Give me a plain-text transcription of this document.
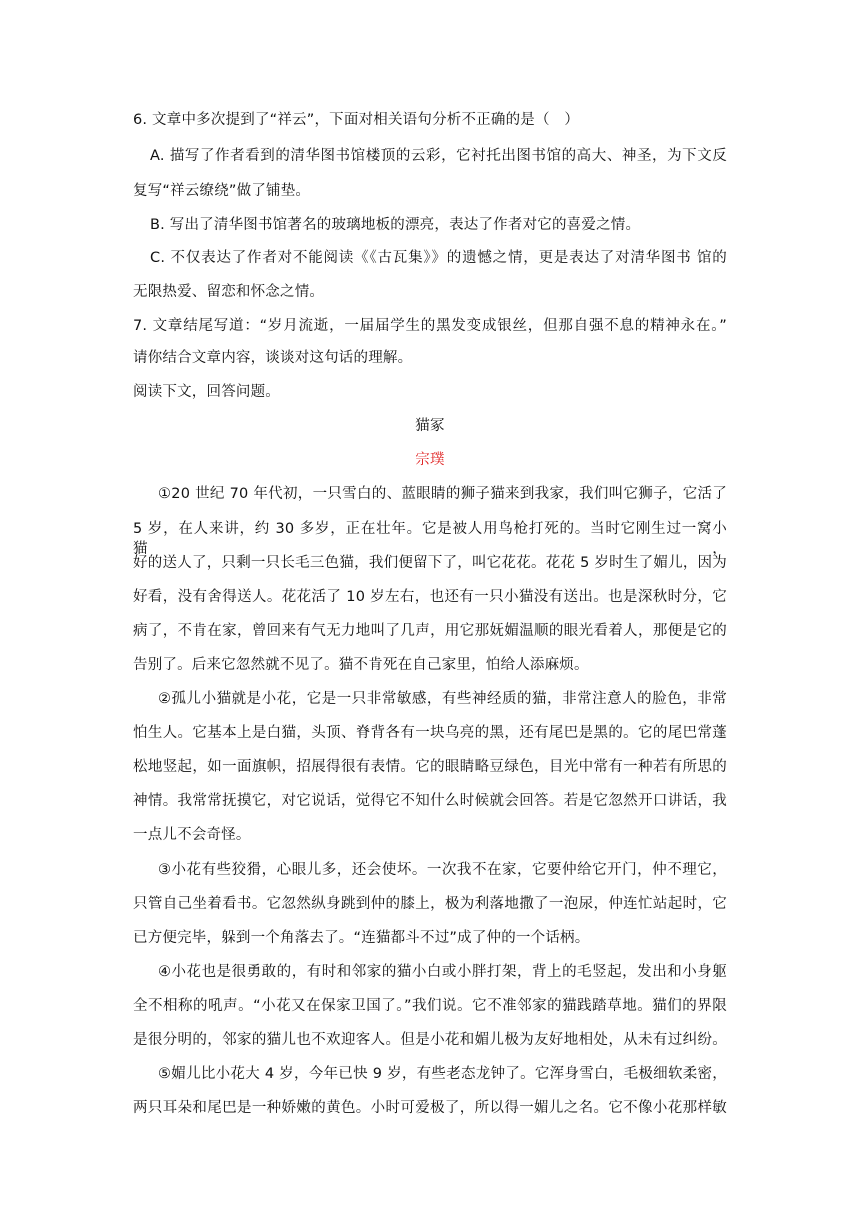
6. 文章中多次提到了“祥云”，下面对相关语句分析不正确的是（　）
A. 描写了作者看到的清华图书馆楼顶的云彩，它衬托出图书馆的高大、神圣，为下文反
复写“祥云缭绕”做了铺垫。
B. 写出了清华图书馆著名的玻璃地板的漂亮，表达了作者对它的喜爱之情。
C. 不仅表达了作者对不能阅读《《古瓦集》》的遗憾之情，更是表达了对清华图书 馆的
无限热爱、留恋和怀念之情。
7. 文章结尾写道：“岁月流逝，一届届学生的黑发变成银丝，但那自强不息的精神永在。”
请你结合文章内容，谈谈对这句话的理解。
阅读下文，回答问题。
猫冢
宗璞
①20 世纪 70 年代初，一只雪白的、蓝眼睛的狮子猫来到我家，我们叫它狮子，它活了
5 岁，在人来讲，约 30 多岁，正在壮年。它是被人用鸟枪打死的。当时它刚生过一窝小猫，
好的送人了，只剩一只长毛三色猫，我们便留下了，叫它花花。花花 5 岁时生了媚儿，因为
好看，没有舍得送人。花花活了 10 岁左右，也还有一只小猫没有送出。也是深秋时分，它
病了，不肯在家，曾回来有气无力地叫了几声，用它那妩媚温顺的眼光看着人，那便是它的
告别了。后来它忽然就不见了。猫不肯死在自己家里，怕给人添麻烦。
②孤儿小猫就是小花，它是一只非常敏感，有些神经质的猫，非常注意人的脸色，非常
怕生人。它基本上是白猫，头顶、脊背各有一块乌亮的黑，还有尾巴是黑的。它的尾巴常蓬
松地竖起，如一面旗帜，招展得很有表情。它的眼睛略豆绿色，目光中常有一种若有所思的
神情。我常常抚摸它，对它说话，觉得它不知什么时候就会回答。若是它忽然开口讲话，我
一点儿不会奇怪。
③小花有些狡猾，心眼儿多，还会使坏。一次我不在家，它要仲给它开门，仲不理它，
只管自己坐着看书。它忽然纵身跳到仲的膝上，极为利落地撒了一泡尿，仲连忙站起时，它
已方便完毕，躲到一个角落去了。“连猫都斗不过”成了仲的一个话柄。
④小花也是很勇敢的，有时和邻家的猫小白或小胖打架，背上的毛竖起，发出和小身躯
全不相称的吼声。“小花又在保家卫国了。”我们说。它不准邻家的猫践踏草地。猫们的界限
是很分明的，邻家的猫儿也不欢迎客人。但是小花和媚儿极为友好地相处，从未有过纠纷。
⑤媚儿比小花大 4 岁，今年已快 9 岁，有些老态龙钟了。它浑身雪白，毛极细软柔密，
两只耳朵和尾巴是一种娇嫩的黄色。小时可爱极了，所以得一媚儿之名。它不像小花那样敏
